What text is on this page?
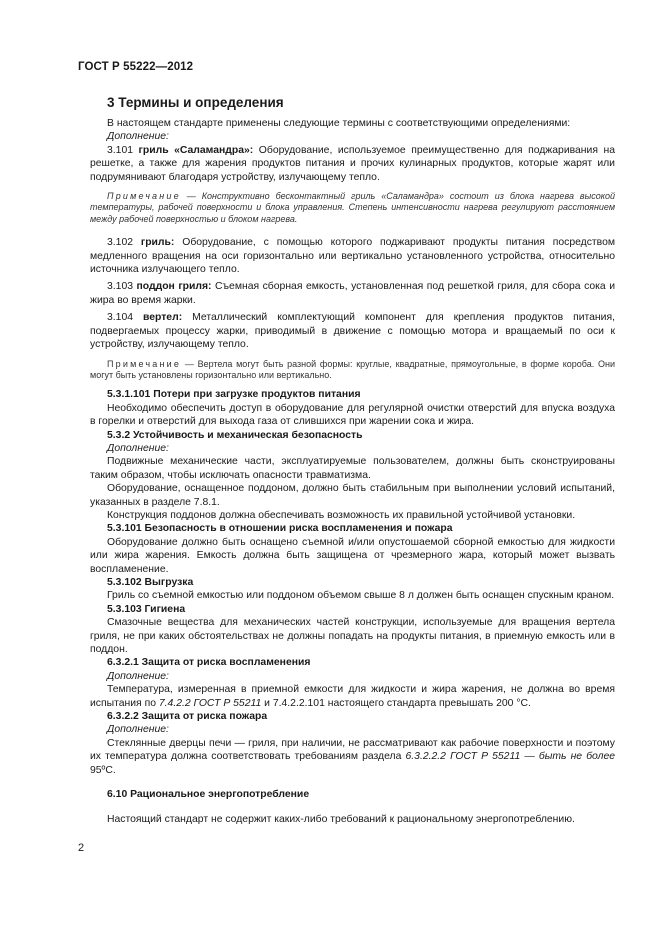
ГОСТ Р 55222—2012
3 Термины и определения

В настоящем стандарте применены следующие термины с соответствующими определениями:

Дополнение:

3.101 гриль «Саламандра»: Оборудование, используемое преимущественно для поджаривания на решетке, а также для жарения продуктов питания и прочих кулинарных продуктов, которые жарят или подрумянивают благодаря устройству, излучающему тепло.

Примечание — Конструктивно бесконтактный гриль «Саламандра» состоит из блока нагрева высокой температуры, рабочей поверхности и блока управления. Степень интенсивности нагрева регулируют расстоянием между рабочей поверхностью и блоком нагрева.

3.102 гриль: Оборудование, с помощью которого поджаривают продукты питания посредством медленного вращения на оси горизонтально или вертикально установленного устройства, относительно источника излучающего тепло.

3.103 поддон гриля: Съемная сборная емкость, установленная под решеткой гриля, для сбора сока и жира во время жарки.

3.104 вертел: Металлический комплектующий компонент для крепления продуктов питания, подвергаемых процессу жарки, приводимый в движение с помощью мотора и вращаемый по оси к устройству, излучающему тепло.

Примечание — Вертела могут быть разной формы: круглые, квадратные, прямоугольные, в форме короба. Они могут быть установлены горизонтально или вертикально.

5.3.1.101 Потери при загрузке продуктов питания

Необходимо обеспечить доступ в оборудование для регулярной очистки отверстий для впуска воздуха в горелки и отверстий для выхода газа от слившихся при жарении сока и жира.

5.3.2 Устойчивость и механическая безопасность

Дополнение:

Подвижные механические части, эксплуатируемые пользователем, должны быть сконструированы таким образом, чтобы исключать опасности травматизма.

Оборудование, оснащенное поддоном, должно быть стабильным при выполнении условий испытаний, указанных в разделе 7.8.1.

Конструкция поддонов должна обеспечивать возможность их правильной устойчивой установки.

5.3.101 Безопасность в отношении риска воспламенения и пожара

Оборудование должно быть оснащено съемной и/или опустошаемой сборной емкостью для жидкости или жира жарения. Емкость должна быть защищена от чрезмерного жара, который может вызвать воспламенение.

5.3.102 Выгрузка

Гриль со съемной емкостью или поддоном объемом свыше 8 л должен быть оснащен спускным краном.

5.3.103 Гигиена

Смазочные вещества для механических частей конструкции, используемые для вращения вертела гриля, не при каких обстоятельствах не должны попадать на продукты питания, в приемную емкость или в поддон.

6.3.2.1 Защита от риска воспламенения

Дополнение:

Температура, измеренная в приемной емкости для жидкости и жира жарения, не должна во время испытания по 7.4.2.2 ГОСТ Р 55211 и 7.4.2.2.101 настоящего стандарта превышать 200 °С.

6.3.2.2 Защита от риска пожара

Дополнение:

Стеклянные дверцы печи — гриля, при наличии, не рассматривают как рабочие поверхности и поэтому их температура должна соответствовать требованиям раздела 6.3.2.2.2 ГОСТ Р 55211 — быть не более 95ºС.

6.10 Рациональное энергопотребление

Настоящий стандарт не содержит каких-либо требований к рациональному энергопотреблению.

2
